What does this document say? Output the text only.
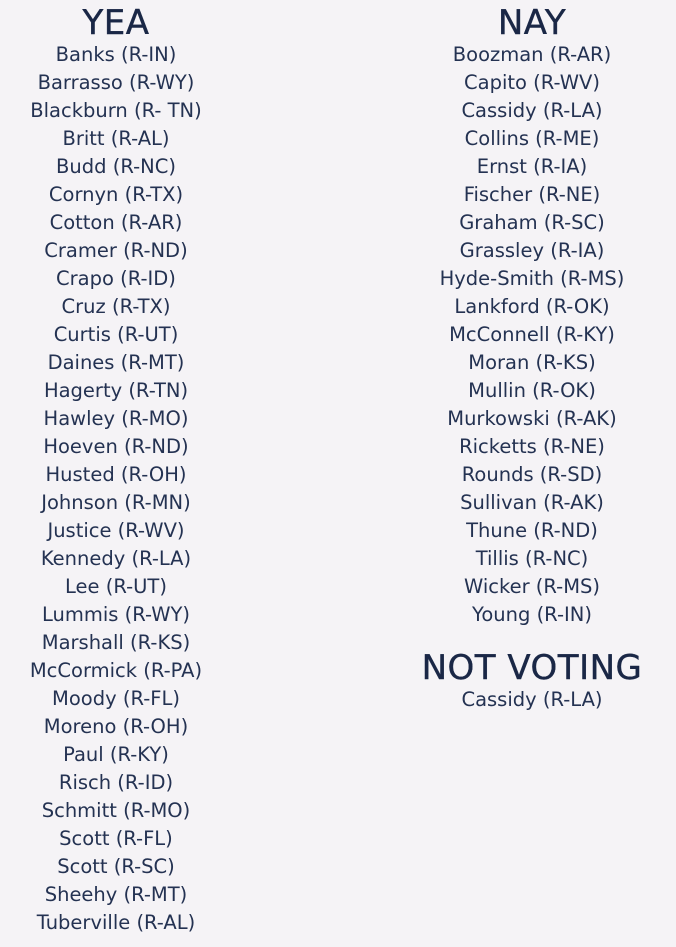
YEA
Banks (R-IN)
Barrasso (R-WY)
Blackburn (R- TN)
Britt (R-AL)
Budd (R-NC)
Cornyn (R-TX)
Cotton (R-AR)
Cramer (R-ND)
Crapo (R-ID)
Cruz (R-TX)
Curtis (R-UT)
Daines (R-MT)
Hagerty (R-TN)
Hawley (R-MO)
Hoeven (R-ND)
Husted (R-OH)
Johnson (R-MN)
Justice (R-WV)
Kennedy (R-LA)
Lee (R-UT)
Lummis (R-WY)
Marshall (R-KS)
McCormick (R-PA)
Moody (R-FL)
Moreno (R-OH)
Paul (R-KY)
Risch (R-ID)
Schmitt (R-MO)
Scott (R-FL)
Scott (R-SC)
Sheehy (R-MT)
Tuberville (R-AL)
NAY
Boozman (R-AR)
Capito (R-WV)
Cassidy (R-LA)
Collins (R-ME)
Ernst (R-IA)
Fischer (R-NE)
Graham (R-SC)
Grassley (R-IA)
Hyde-Smith (R-MS)
Lankford (R-OK)
McConnell (R-KY)
Moran (R-KS)
Mullin (R-OK)
Murkowski (R-AK)
Ricketts (R-NE)
Rounds (R-SD)
Sullivan (R-AK)
Thune (R-ND)
Tillis (R-NC)
Wicker (R-MS)
Young (R-IN)
NOT VOTING
Cassidy (R-LA)
